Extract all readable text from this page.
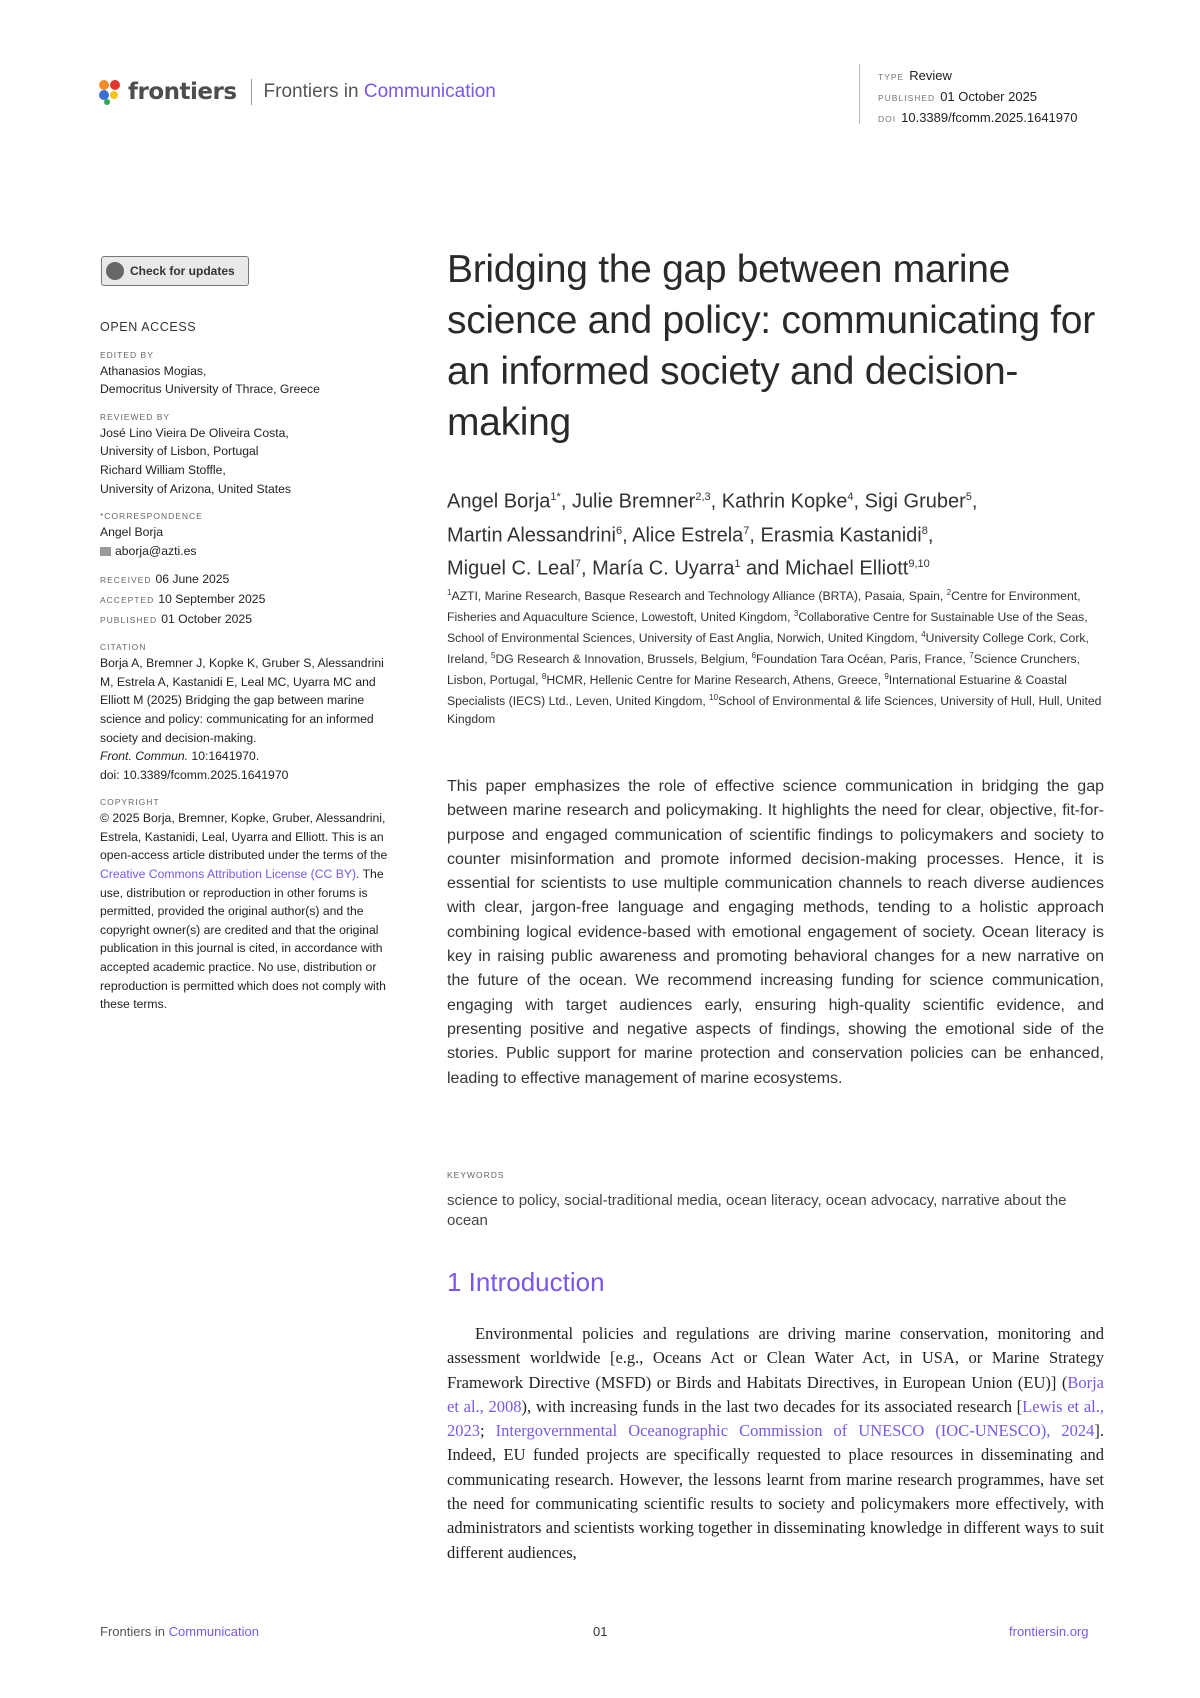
frontiers Frontiers in Communication
TYPE Review
PUBLISHED 01 October 2025
DOI 10.3389/fcomm.2025.1641970
Check for updates
OPEN ACCESS
EDITED BY
Athanasios Mogias,
Democritus University of Thrace, Greece
REVIEWED BY
José Lino Vieira De Oliveira Costa,
University of Lisbon, Portugal
Richard William Stoffle,
University of Arizona, United States
*CORRESPONDENCE
Angel Borja
aborja@azti.es
RECEIVED 06 June 2025
ACCEPTED 10 September 2025
PUBLISHED 01 October 2025
CITATION
Borja A, Bremner J, Kopke K, Gruber S, Alessandrini M, Estrela A, Kastanidi E, Leal MC, Uyarra MC and Elliott M (2025) Bridging the gap between marine science and policy: communicating for an informed society and decision-making.
Front. Commun. 10:1641970.
doi: 10.3389/fcomm.2025.1641970
COPYRIGHT
© 2025 Borja, Bremner, Kopke, Gruber, Alessandrini, Estrela, Kastanidi, Leal, Uyarra and Elliott. This is an open-access article distributed under the terms of the Creative Commons Attribution License (CC BY). The use, distribution or reproduction in other forums is permitted, provided the original author(s) and the copyright owner(s) are credited and that the original publication in this journal is cited, in accordance with accepted academic practice. No use, distribution or reproduction is permitted which does not comply with these terms.
Bridging the gap between marine science and policy: communicating for an informed society and decision-making
Angel Borja$^{1*}$, Julie Bremner$^{2,3}$, Kathrin Kopke$^4$, Sigi Gruber$^5$,
Martin Alessandrini$^6$, Alice Estrela$^7$, Erasmia Kastanidi$^8$,
Miguel C. Leal$^7$, María C. Uyarra$^1$ and Michael Elliott$^{9,10}$
$^1$AZTI, Marine Research, Basque Research and Technology Alliance (BRTA), Pasaia, Spain, $^2$Centre for Environment, Fisheries and Aquaculture Science, Lowestoft, United Kingdom, $^3$Collaborative Centre for Sustainable Use of the Seas, School of Environmental Sciences, University of East Anglia, Norwich, United Kingdom, $^4$University College Cork, Cork, Ireland, $^5$DG Research & Innovation, Brussels, Belgium, $^6$Foundation Tara Océan, Paris, France, $^7$Science Crunchers, Lisbon, Portugal, $^8$HCMR, Hellenic Centre for Marine Research, Athens, Greece, $^9$International Estuarine & Coastal Specialists (IECS) Ltd., Leven, United Kingdom, $^{10}$School of Environmental & life Sciences, University of Hull, Hull, United Kingdom
This paper emphasizes the role of effective science communication in bridging the gap between marine research and policymaking. It highlights the need for clear, objective, fit-for-purpose and engaged communication of scientific findings to policymakers and society to counter misinformation and promote informed decision-making processes. Hence, it is essential for scientists to use multiple communication channels to reach diverse audiences with clear, jargon-free language and engaging methods, tending to a holistic approach combining logical evidence-based with emotional engagement of society. Ocean literacy is key in raising public awareness and promoting behavioral changes for a new narrative on the future of the ocean. We recommend increasing funding for science communication, engaging with target audiences early, ensuring high-quality scientific evidence, and presenting positive and negative aspects of findings, showing the emotional side of the stories. Public support for marine protection and conservation policies can be enhanced, leading to effective management of marine ecosystems.
KEYWORDS
science to policy, social-traditional media, ocean literacy, ocean advocacy, narrative about the ocean
1 Introduction

Environmental policies and regulations are driving marine conservation, monitoring and assessment worldwide [e.g., Oceans Act or Clean Water Act, in USA, or Marine Strategy Framework Directive (MSFD) or Birds and Habitats Directives, in European Union (EU)] (Borja et al., 2008), with increasing funds in the last two decades for its associated research [Lewis et al., 2023; Intergovernmental Oceanographic Commission of UNESCO (IOC-UNESCO), 2024]. Indeed, EU funded projects are specifically requested to place resources in disseminating and communicating research. However, the lessons learnt from marine research programmes, have set the need for communicating scientific results to society and policymakers more effectively, with administrators and scientists working together in disseminating knowledge in different ways to suit different audiences,

Frontiers in Communication	01	frontiersin.org
